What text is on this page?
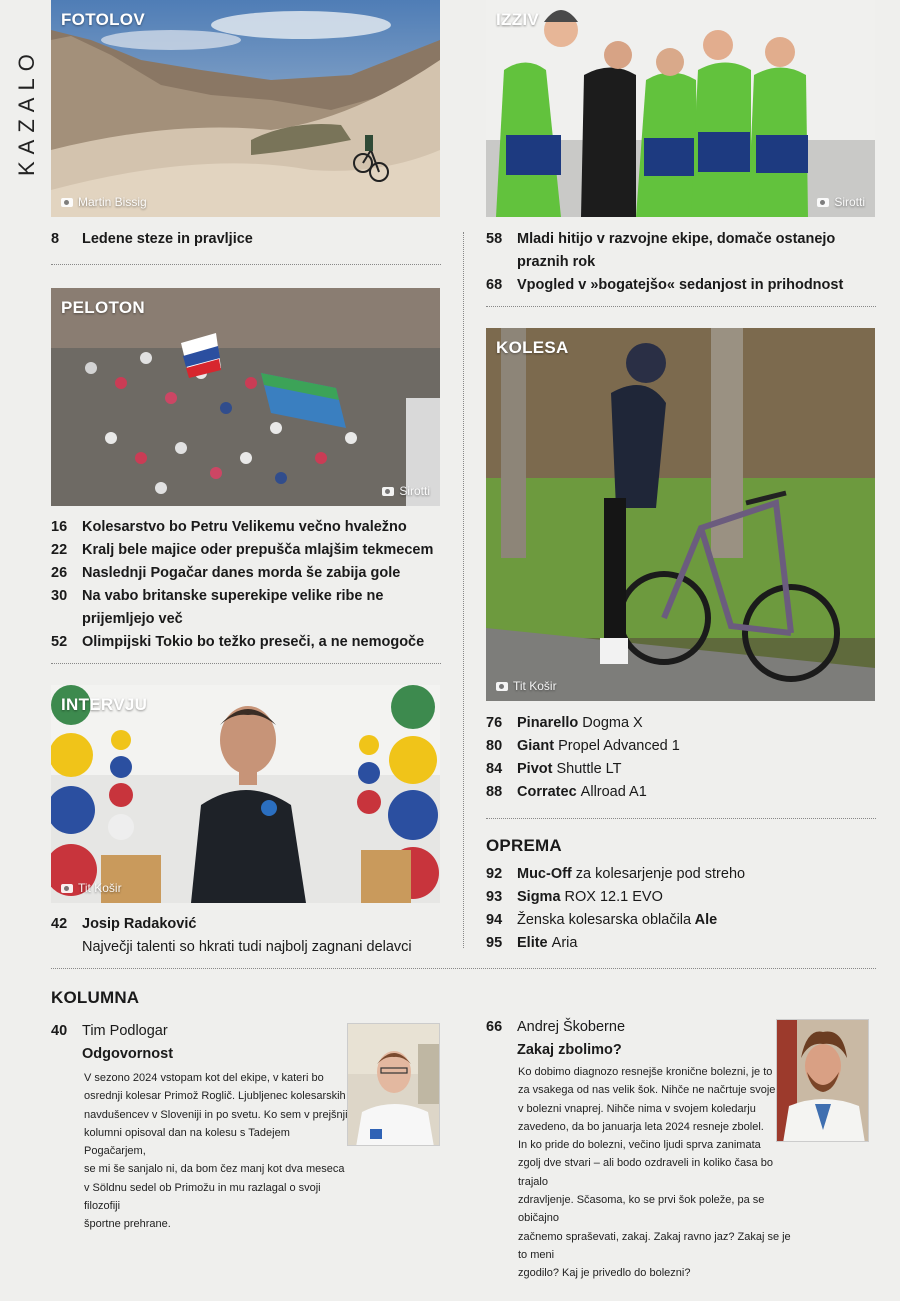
KAZALO
FOTOLOV
Martin Bissig
8	Ledene steze in pravljice
PELOTON
Sirotti
16	Kolesarstvo bo Petru Velikemu večno hvaležno
22	Kralj bele majice oder prepušča mlajšim tekmecem
26	Naslednji Pogačar danes morda še zabija gole
30	Na vabo britanske superekipe velike ribe ne
prijemljejo več
52	Olimpijski Tokio bo težko preseči, a ne nemogoče
INTERVJU
Tit Košir
42	Josip Radaković
Največji talenti so hkrati tudi najbolj zagnani delavci
IZZIV
Sirotti
58	Mladi hitijo v razvojne ekipe, domače ostanejo
praznih rok
68	Vpogled v »bogatejšo« sedanjost in prihodnost
KOLESA
Tit Košir
76	Pinarello Dogma X
80	Giant Propel Advanced 1
84	Pivot Shuttle LT
88	Corratec Allroad A1
OPREMA
92	Muc-Off za kolesarjenje pod streho
93	Sigma ROX 12.1 EVO
94	Ženska kolesarska oblačila Ale
95	Elite Aria
KOLUMNA
40	Tim Podlogar
Odgovornost
V sezono 2024 vstopam kot del ekipe, v kateri bo
osrednji kolesar Primož Roglič. Ljubljenec kolesarskih
navdušencev v Sloveniji in po svetu. Ko sem v prejšnji
kolumni opisoval dan na kolesu s Tadejem Pogačarjem,
se mi še sanjalo ni, da bom čez manj kot dva meseca
v Söldnu sedel ob Primožu in mu razlagal o svoji filozofiji
športne prehrane.
66	Andrej Škoberne
Zakaj zbolimo?
Ko dobimo diagnozo resnejše kronične bolezni, je to
za vsakega od nas velik šok. Nihče ne načrtuje svoje
v bolezni vnaprej. Nihče nima v svojem koledarju
zavedeno, da bo januarja leta 2024 resneje zbolel.
In ko pride do bolezni, večino ljudi sprva zanimata
zgolj dve stvari – ali bodo ozdraveli in koliko časa bo trajalo
zdravljenje. Sčasoma, ko se prvi šok poleže, pa se običajno
začnemo spraševati, zakaj. Zakaj ravno jaz? Zakaj se je to meni
zgodilo? Kaj je privedlo do bolezni?
